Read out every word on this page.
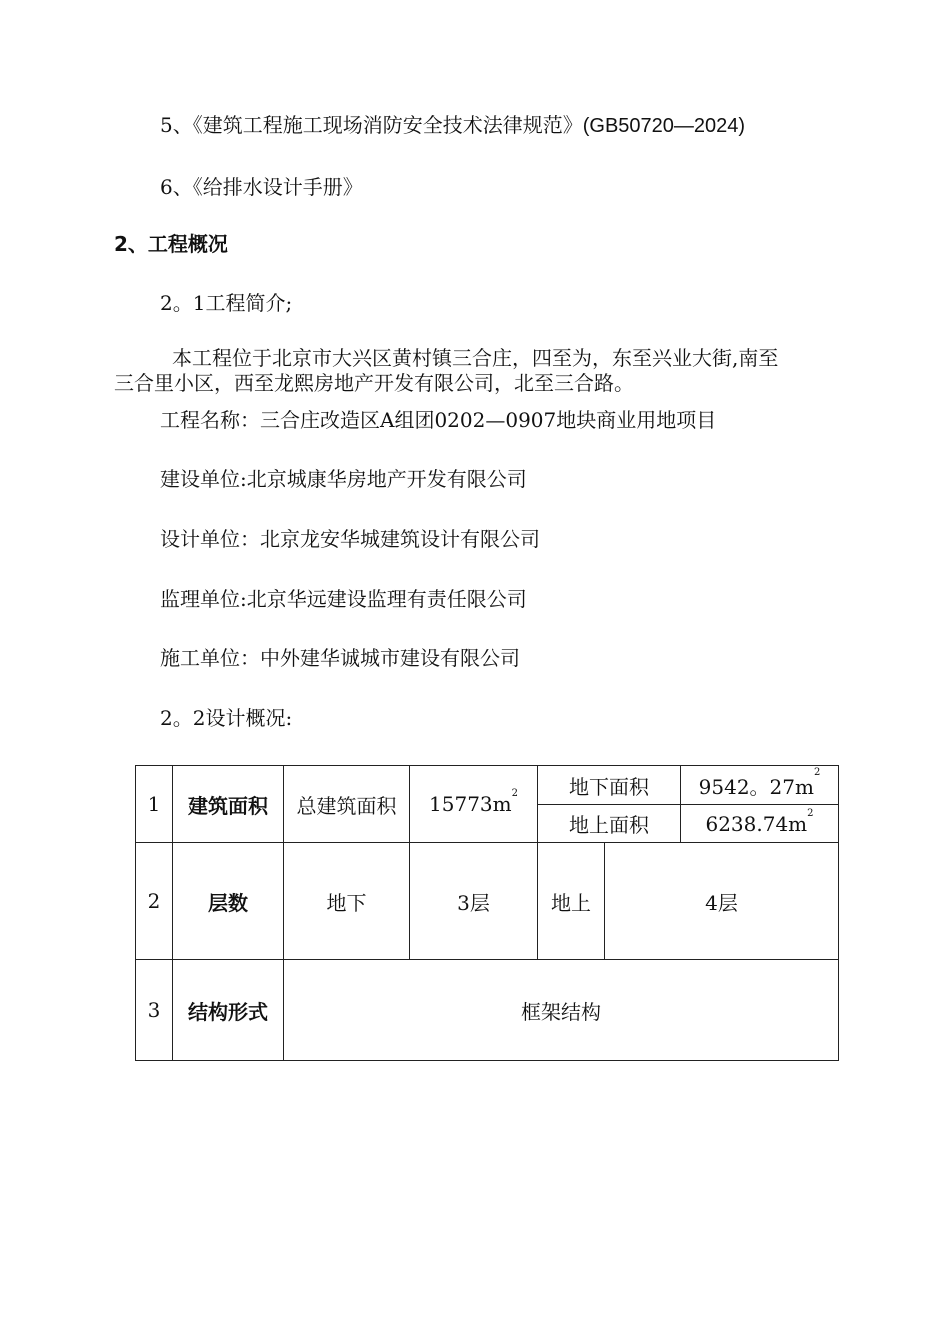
5、《建筑工程施工现场消防安全技术法律规范》(GB50720—2024)
6、《给排水设计手册》
2、工程概况
2。1工程简介;
本工程位于北京市大兴区黄村镇三合庄，四至为，东至兴业大街,南至
三合里小区，西至龙熙房地产开发有限公司，北至三合路。
工程名称：三合庄改造区A组团0202—0907地块商业用地项目
建设单位:北京城康华房地产开发有限公司
设计单位：北京龙安华城建筑设计有限公司
监理单位:北京华远建设监理有责任限公司
施工单位：中外建华诚城市建设有限公司
2。2设计概况:
1	建筑面积	总建筑面积	$15773m^2$	地下面积		9542。$27m^2$
				地上面积		$6238.74m^2$
2	层数	地下	3层	地上	4层	
3	结构形式	框架结构				
